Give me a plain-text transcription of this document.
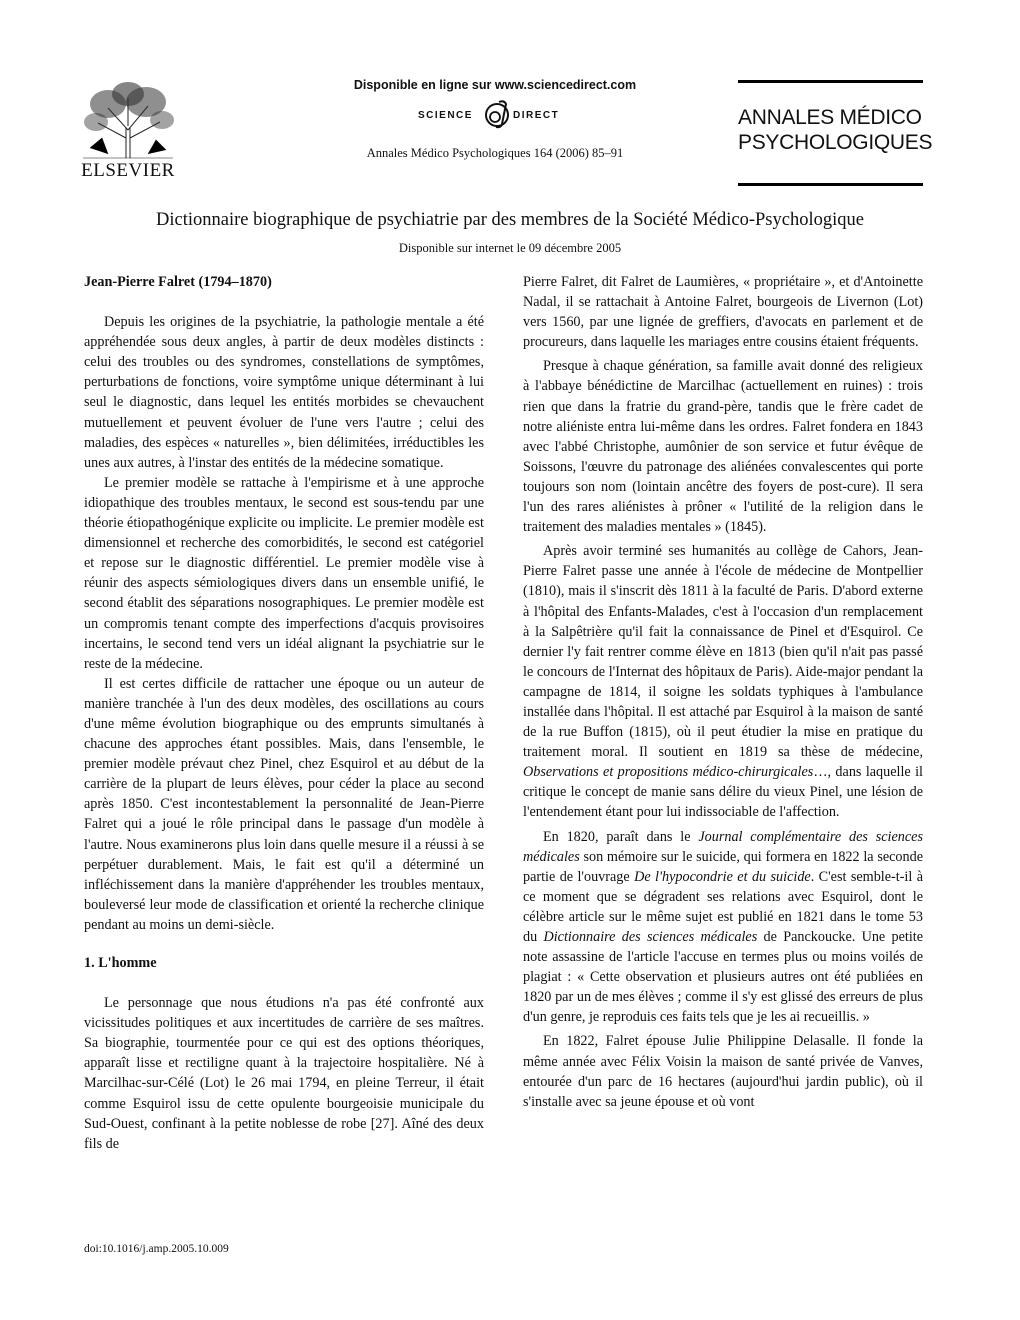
ELSEVIER
Disponible en ligne sur www.sciencedirect.com
SCIENCE	DIRECT
Annales Médico Psychologiques 164 (2006) 85–91
ANNALES MÉDICO
PSYCHOLOGIQUES
Dictionnaire biographique de psychiatrie par des membres de la Société Médico-Psychologique
Disponible sur internet le 09 décembre 2005
Jean-Pierre Falret (1794–1870)

Depuis les origines de la psychiatrie, la pathologie mentale a été appréhendée sous deux angles, à partir de deux modèles distincts : celui des troubles ou des syndromes, constellations de symptômes, perturbations de fonctions, voire symptôme unique déterminant à lui seul le diagnostic, dans lequel les entités morbides se chevauchent mutuellement et peuvent évoluer de l'une vers l'autre ; celui des maladies, des espèces « naturelles », bien délimitées, irréductibles les unes aux autres, à l'instar des entités de la médecine somatique.

Le premier modèle se rattache à l'empirisme et à une approche idiopathique des troubles mentaux, le second est sous-tendu par une théorie étiopathogénique explicite ou implicite. Le premier modèle est dimensionnel et recherche des comorbidités, le second est catégoriel et repose sur le diagnostic différentiel. Le premier modèle vise à réunir des aspects sémiologiques divers dans un ensemble unifié, le second établit des séparations nosographiques. Le premier modèle est un compromis tenant compte des imperfections d'acquis provisoires incertains, le second tend vers un idéal alignant la psychiatrie sur le reste de la médecine.

Il est certes difficile de rattacher une époque ou un auteur de manière tranchée à l'un des deux modèles, des oscillations au cours d'une même évolution biographique ou des emprunts simultanés à chacune des approches étant possibles. Mais, dans l'ensemble, le premier modèle prévaut chez Pinel, chez Esquirol et au début de la carrière de la plupart de leurs élèves, pour céder la place au second après 1850. C'est incontestablement la personnalité de Jean-Pierre Falret qui a joué le rôle principal dans le passage d'un modèle à l'autre. Nous examinerons plus loin dans quelle mesure il a réussi à se perpétuer durablement. Mais, le fait est qu'il a déterminé un infléchissement dans la manière d'appréhender les troubles mentaux, bouleversé leur mode de classification et orienté la recherche clinique pendant au moins un demi-siècle.

1. L'homme

Le personnage que nous étudions n'a pas été confronté aux vicissitudes politiques et aux incertitudes de carrière de ses maîtres. Sa biographie, tourmentée pour ce qui est des options théoriques, apparaît lisse et rectiligne quant à la trajectoire hospitalière. Né à Marcilhac-sur-Célé (Lot) le 26 mai 1794, en pleine Terreur, il était comme Esquirol issu de cette opulente bourgeoisie municipale du Sud-Ouest, confinant à la petite noblesse de robe [27]. Aîné des deux fils de

Pierre Falret, dit Falret de Laumières, « propriétaire », et d'Antoinette Nadal, il se rattachait à Antoine Falret, bourgeois de Livernon (Lot) vers 1560, par une lignée de greffiers, d'avocats en parlement et de procureurs, dans laquelle les mariages entre cousins étaient fréquents.

Presque à chaque génération, sa famille avait donné des religieux à l'abbaye bénédictine de Marcilhac (actuellement en ruines) : trois rien que dans la fratrie du grand-père, tandis que le frère cadet de notre aliéniste entra lui-même dans les ordres. Falret fondera en 1843 avec l'abbé Christophe, aumônier de son service et futur évêque de Soissons, l'œuvre du patronage des aliénées convalescentes qui porte toujours son nom (lointain ancêtre des foyers de post-cure). Il sera l'un des rares aliénistes à prôner « l'utilité de la religion dans le traitement des maladies mentales » (1845).

Après avoir terminé ses humanités au collège de Cahors, Jean-Pierre Falret passe une année à l'école de médecine de Montpellier (1810), mais il s'inscrit dès 1811 à la faculté de Paris. D'abord externe à l'hôpital des Enfants-Malades, c'est à l'occasion d'un remplacement à la Salpêtrière qu'il fait la connaissance de Pinel et d'Esquirol. Ce dernier l'y fait rentrer comme élève en 1813 (bien qu'il n'ait pas passé le concours de l'Internat des hôpitaux de Paris). Aide-major pendant la campagne de 1814, il soigne les soldats typhiques à l'ambulance installée dans l'hôpital. Il est attaché par Esquirol à la maison de santé de la rue Buffon (1815), où il peut étudier la mise en pratique du traitement moral. Il soutient en 1819 sa thèse de médecine, Observations et propositions médico-chirurgicales…, dans laquelle il critique le concept de manie sans délire du vieux Pinel, une lésion de l'entendement étant pour lui indissociable de l'affection.

En 1820, paraît dans le Journal complémentaire des sciences médicales son mémoire sur le suicide, qui formera en 1822 la seconde partie de l'ouvrage De l'hypocondrie et du suicide. C'est semble-t-il à ce moment que se dégradent ses relations avec Esquirol, dont le célèbre article sur le même sujet est publié en 1821 dans le tome 53 du Dictionnaire des sciences médicales de Panckoucke. Une petite note assassine de l'article l'accuse en termes plus ou moins voilés de plagiat : « Cette observation et plusieurs autres ont été publiées en 1820 par un de mes élèves ; comme il s'y est glissé des erreurs de plus d'un genre, je reproduis ces faits tels que je les ai recueillis. »

En 1822, Falret épouse Julie Philippine Delasalle. Il fonde la même année avec Félix Voisin la maison de santé privée de Vanves, entourée d'un parc de 16 hectares (aujourd'hui jardin public), où il s'installe avec sa jeune épouse et où vont

doi:10.1016/j.amp.2005.10.009
